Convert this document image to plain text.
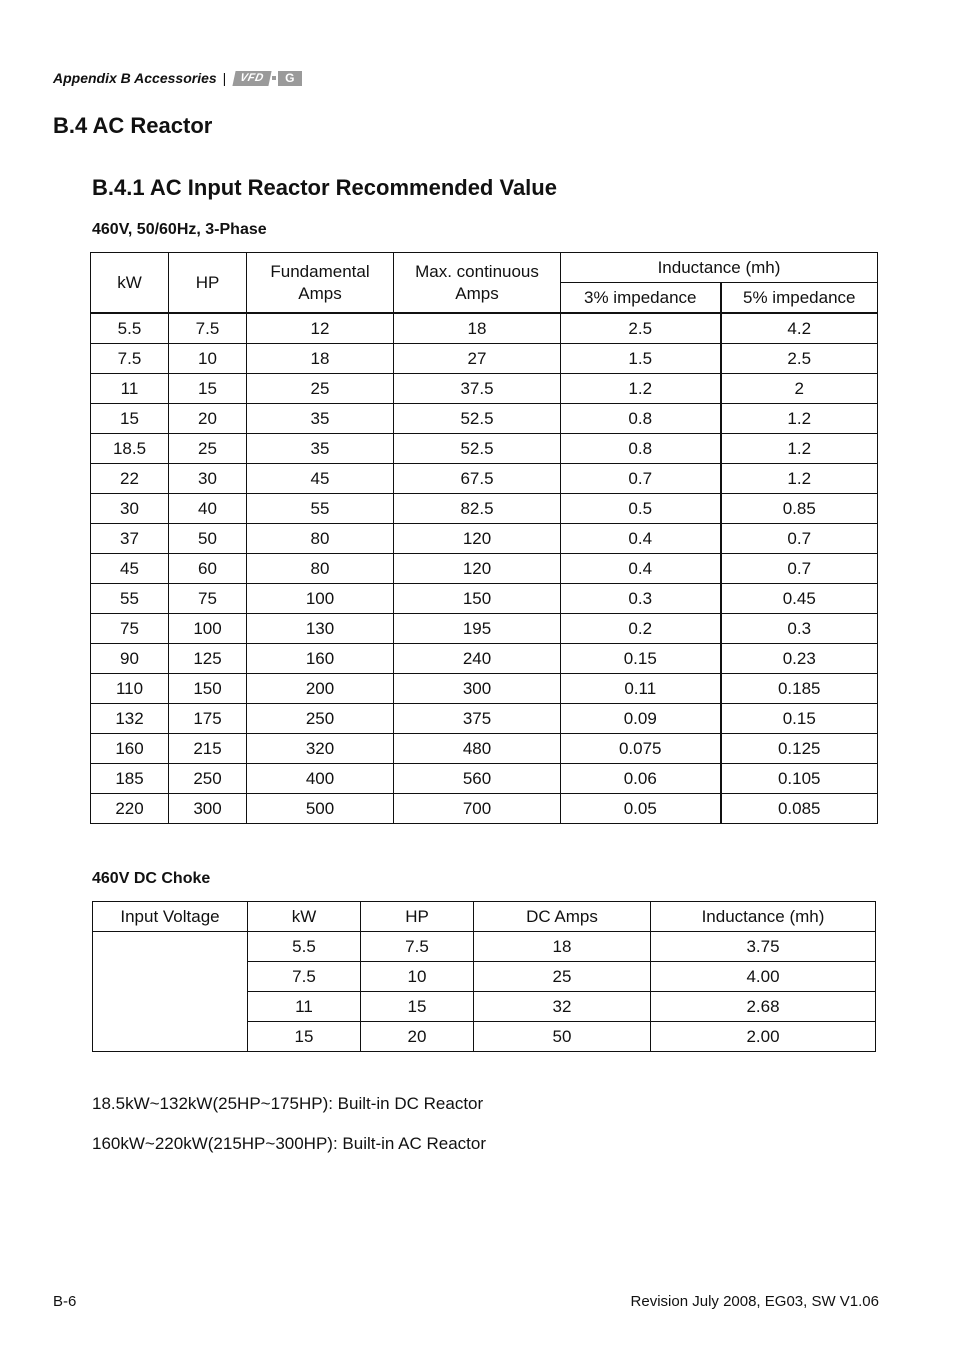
Appendix B Accessories |	VFD	G
B.4 AC Reactor
B.4.1 AC Input Reactor Recommended Value
460V, 50/60Hz, 3-Phase
kW	HP	Fundamental Amps	Max. continuous Amps	Inductance (mh)	
				3% impedance	5% impedance
5.5	7.5	12	18	2.5	4.2
7.5	10	18	27	1.5	2.5
11	15	25	37.5	1.2	2
15	20	35	52.5	0.8	1.2
18.5	25	35	52.5	0.8	1.2
22	30	45	67.5	0.7	1.2
30	40	55	82.5	0.5	0.85
37	50	80	120	0.4	0.7
45	60	80	120	0.4	0.7
55	75	100	150	0.3	0.45
75	100	130	195	0.2	0.3
90	125	160	240	0.15	0.23
110	150	200	300	0.11	0.185
132	175	250	375	0.09	0.15
160	215	320	480	0.075	0.125
185	250	400	560	0.06	0.105
220	300	500	700	0.05	0.085
460V DC Choke
Input Voltage	kW	HP	DC Amps	Inductance (mh)
	5.5	7.5	18	3.75
	7.5	10	25	4.00
	11	15	32	2.68
	15	20	50	2.00
18.5kW~132kW(25HP~175HP): Built-in DC Reactor
160kW~220kW(215HP~300HP): Built-in AC Reactor
B-6	Revision July 2008, EG03, SW V1.06
